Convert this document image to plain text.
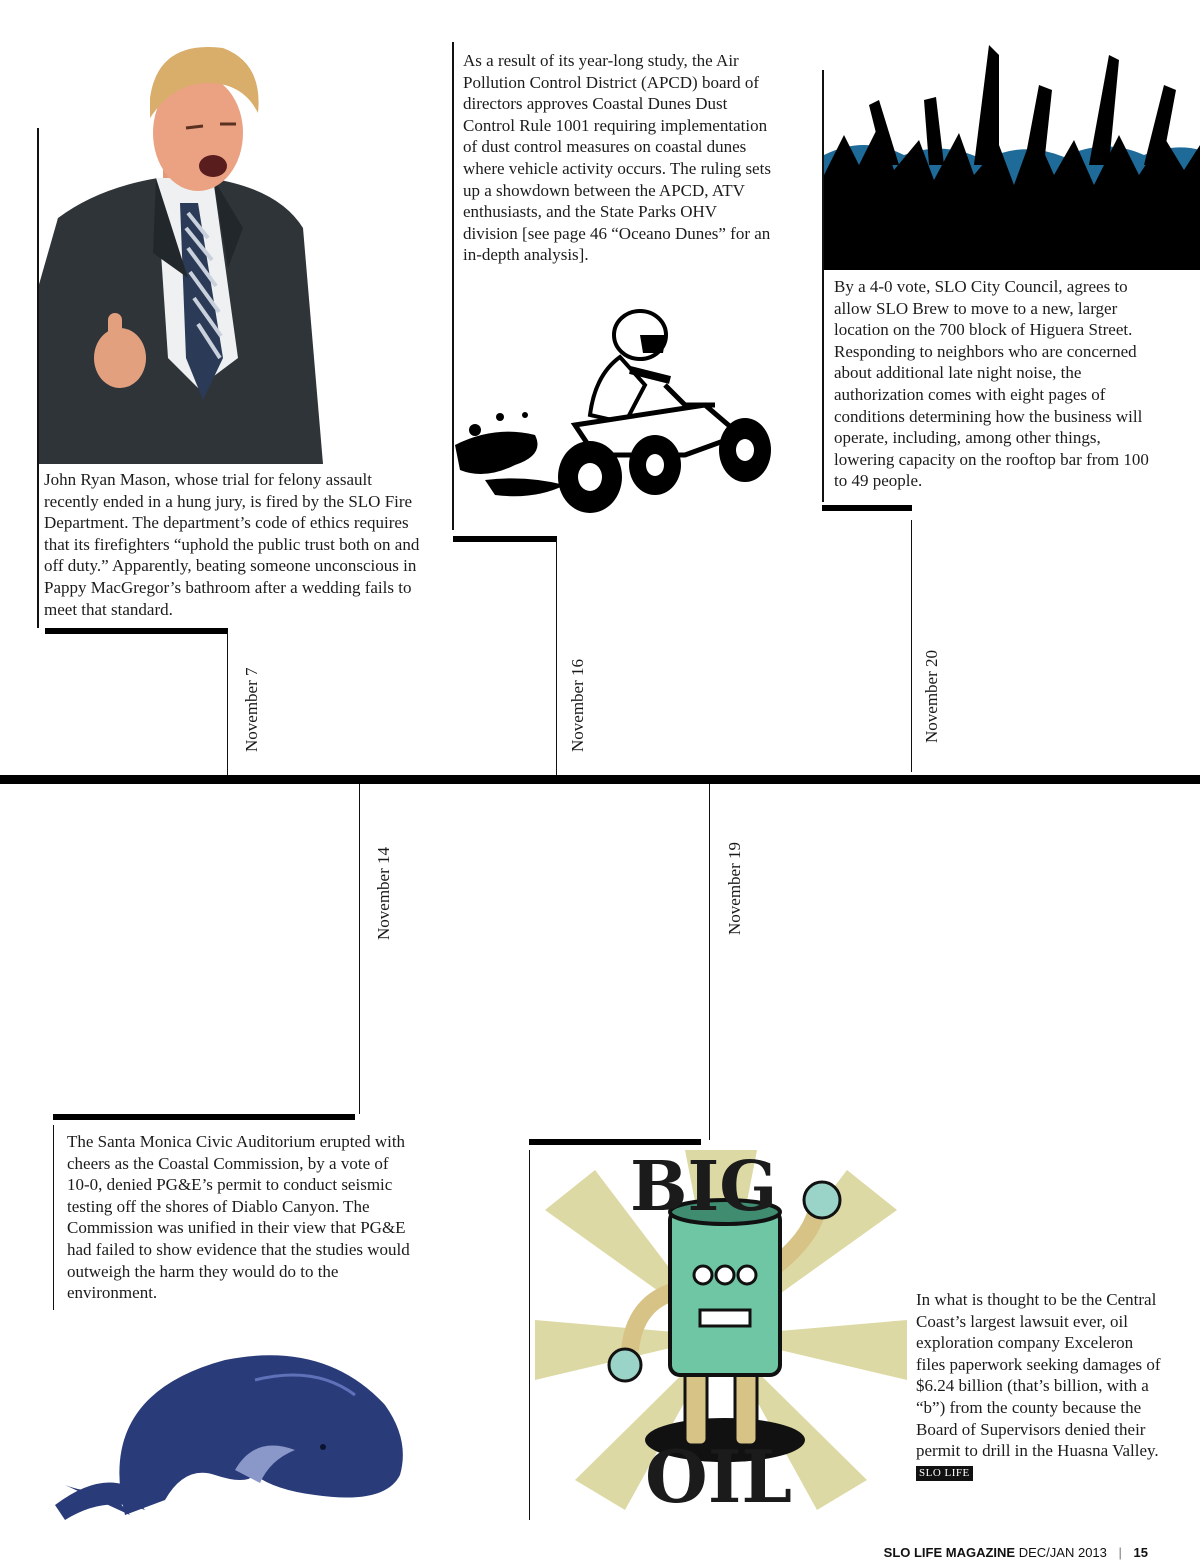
BIG
OIL
John Ryan Mason, whose trial for felony assault recently ended in a hung jury, is fired by the SLO Fire Department. The department’s code of ethics requires that its firefighters “uphold the public trust both on and off duty.” Apparently, beating someone unconscious in Pappy MacGregor’s bathroom after a wedding fails to meet that standard.
November 7
As a result of its year-long study, the Air Pollution Control District (APCD) board of directors approves Coastal Dunes Dust Control Rule 1001 requiring implementation of dust control measures on coastal dunes where vehicle activity occurs. The ruling sets up a showdown between the APCD, ATV enthusiasts, and the State Parks OHV division [see page 46 “Oceano Dunes” for an in-depth analysis].
November 16
By a 4-0 vote, SLO City Council, agrees to allow SLO Brew to move to a new, larger location on the 700 block of Higuera Street. Responding to neighbors who are concerned about additional late night noise, the authorization comes with eight pages of conditions determining how the business will operate, including, among other things, lowering capacity on the rooftop bar from 100 to 49 people.
November 20
The Santa Monica Civic Auditorium erupted with cheers as the Coastal Commission, by a vote of 10-0, denied PG&E’s permit to conduct seismic testing off the shores of Diablo Canyon. The Commission was unified in their view that PG&E had failed to show evidence that the studies would outweigh the harm they would do to the environment.
November 14
In what is thought to be the Central Coast’s largest lawsuit ever, oil exploration company Exceleron files paperwork seeking damages of $6.24 billion (that’s billion, with a “b”) from the county because the Board of Supervisors denied their permit to drill in the Huasna Valley. SLO LIFE
November 19
SLO LIFE MAGAZINE DEC/JAN 2013 | 15
